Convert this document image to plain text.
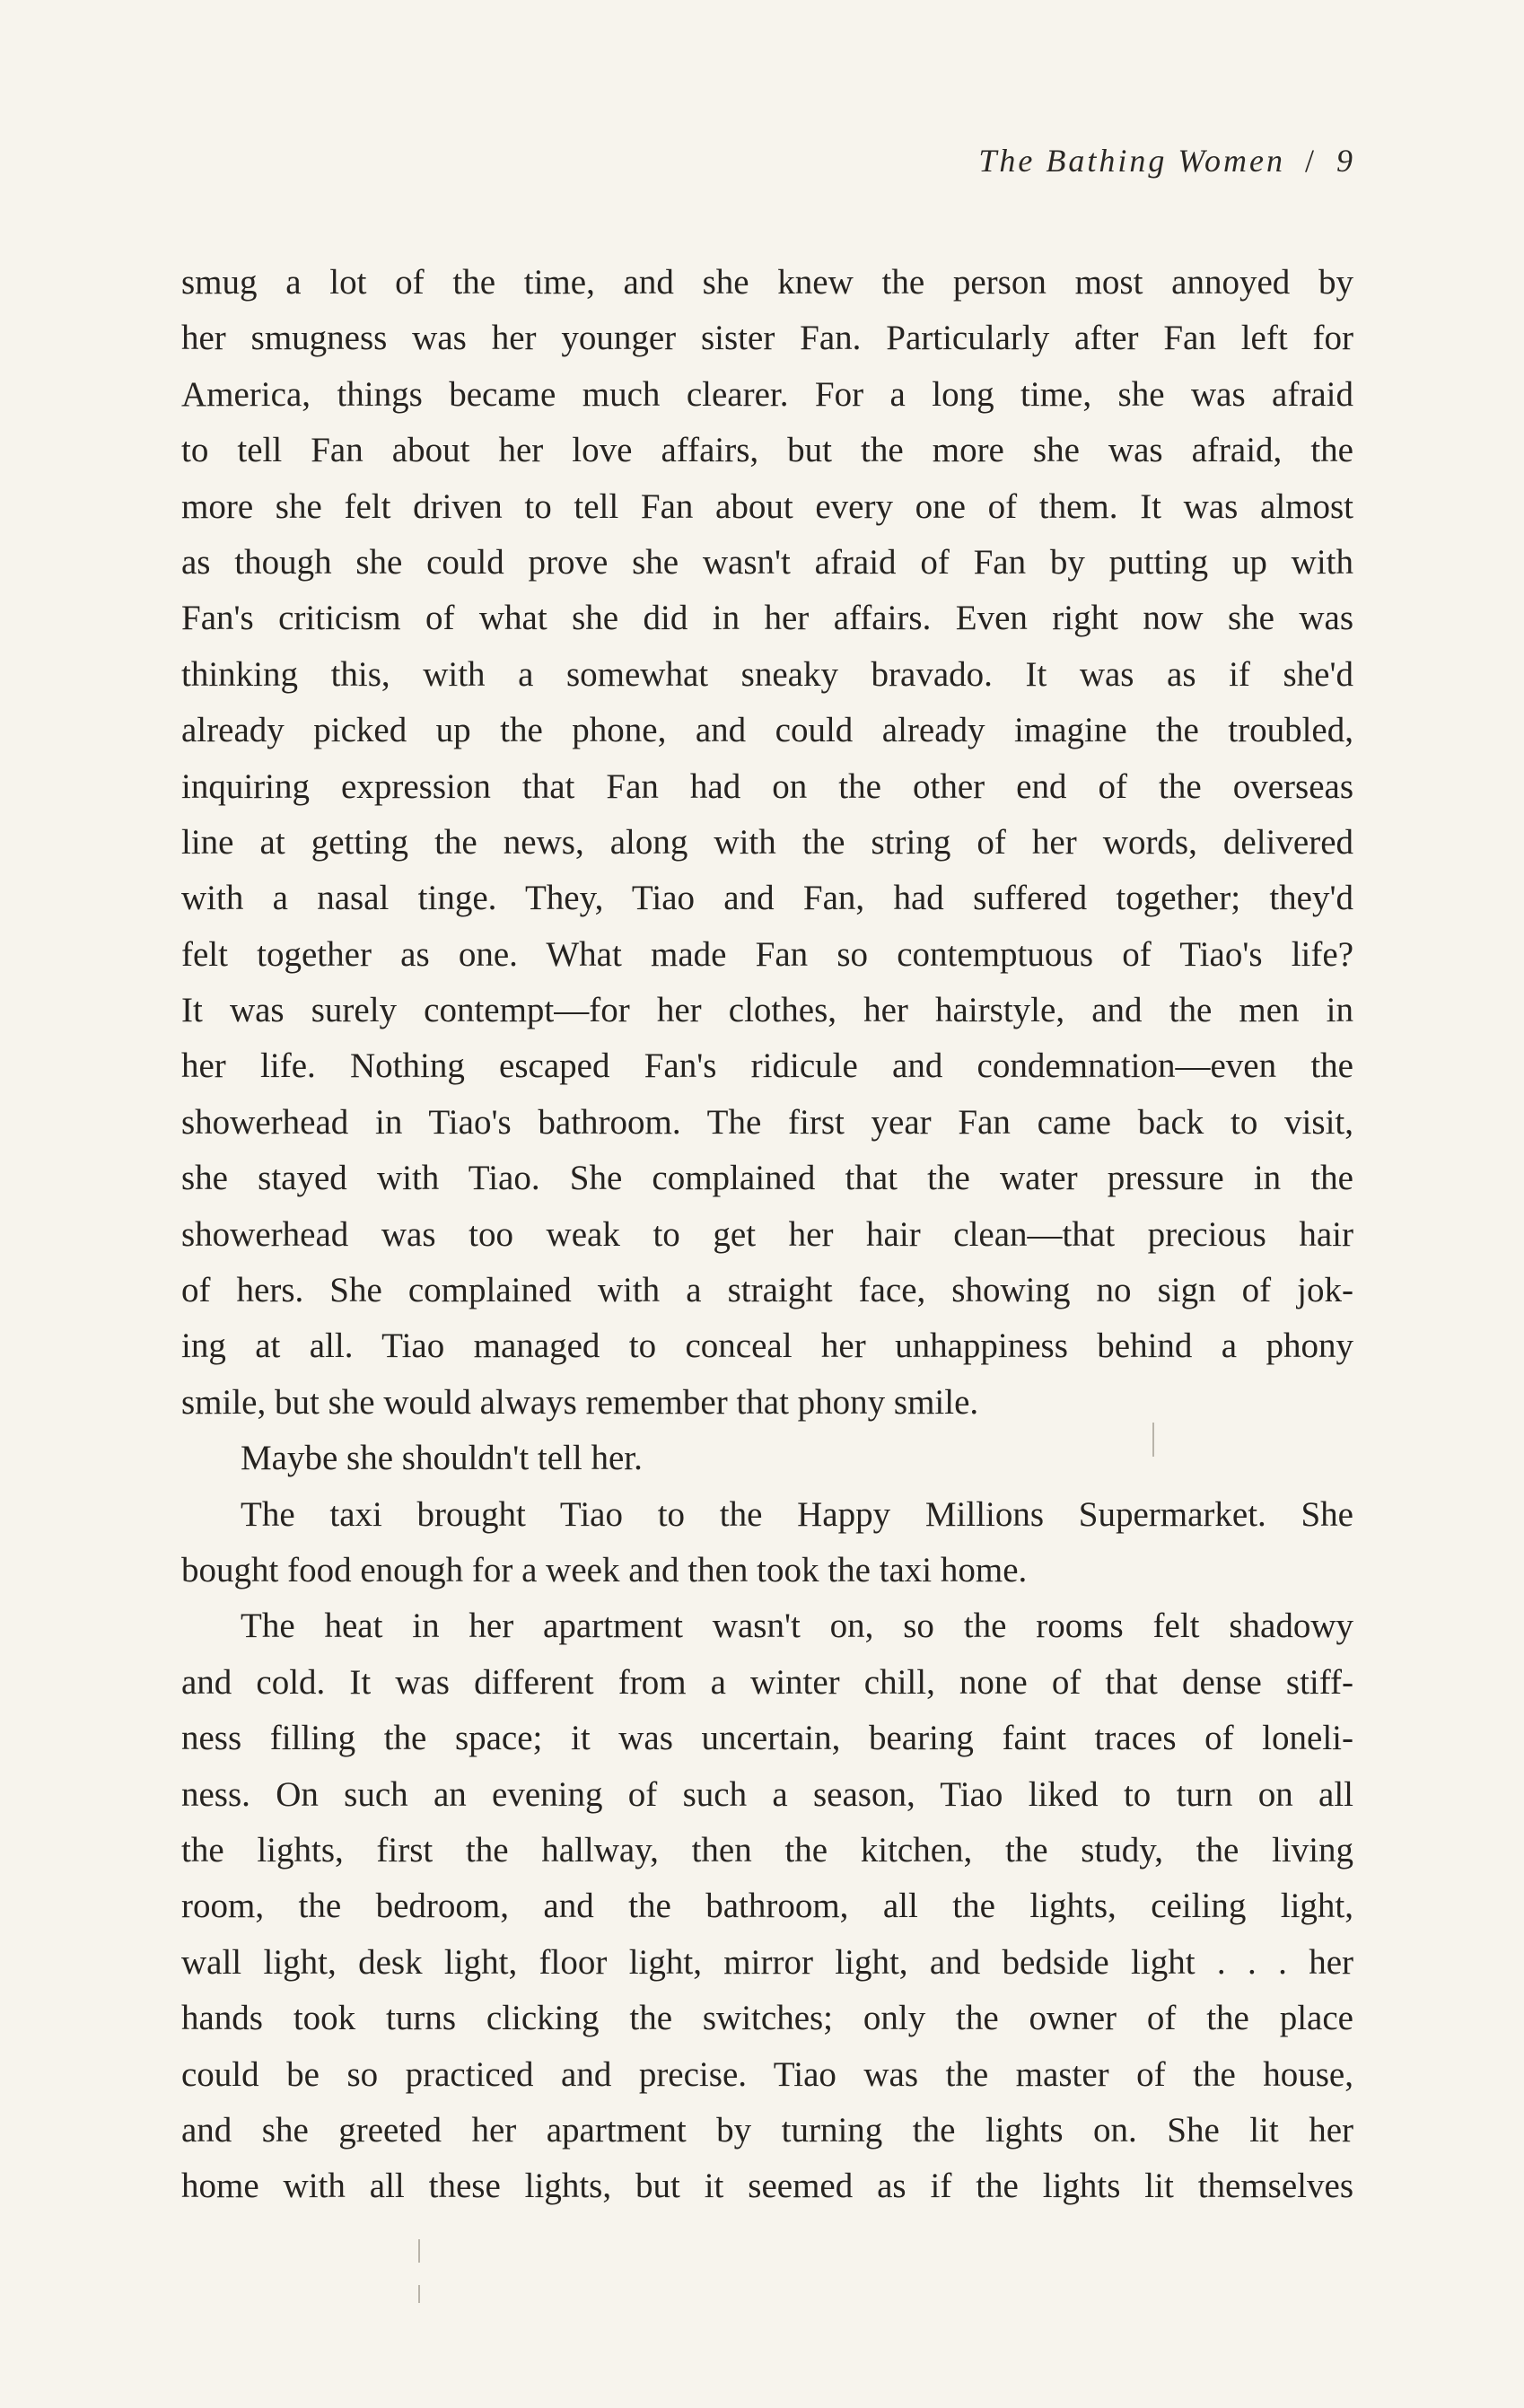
The Bathing Women / 9
smug a lot of the time, and she knew the person most annoyed by
her smugness was her younger sister Fan. Particularly after Fan left for
America, things became much clearer. For a long time, she was afraid
to tell Fan about her love affairs, but the more she was afraid, the
more she felt driven to tell Fan about every one of them. It was almost
as though she could prove she wasn't afraid of Fan by putting up with
Fan's criticism of what she did in her affairs. Even right now she was
thinking this, with a somewhat sneaky bravado. It was as if she'd
already picked up the phone, and could already imagine the troubled,
inquiring expression that Fan had on the other end of the overseas
line at getting the news, along with the string of her words, delivered
with a nasal tinge. They, Tiao and Fan, had suffered together; they'd
felt together as one. What made Fan so contemptuous of Tiao's life?
It was surely contempt—for her clothes, her hairstyle, and the men in
her life. Nothing escaped Fan's ridicule and condemnation—even the
showerhead in Tiao's bathroom. The first year Fan came back to visit,
she stayed with Tiao. She complained that the water pressure in the
showerhead was too weak to get her hair clean—that precious hair
of hers. She complained with a straight face, showing no sign of jok-
ing at all. Tiao managed to conceal her unhappiness behind a phony
smile, but she would always remember that phony smile.
Maybe she shouldn't tell her.
The taxi brought Tiao to the Happy Millions Supermarket. She
bought food enough for a week and then took the taxi home.
The heat in her apartment wasn't on, so the rooms felt shadowy
and cold. It was different from a winter chill, none of that dense stiff-
ness filling the space; it was uncertain, bearing faint traces of loneli-
ness. On such an evening of such a season, Tiao liked to turn on all
the lights, first the hallway, then the kitchen, the study, the living
room, the bedroom, and the bathroom, all the lights, ceiling light,
wall light, desk light, floor light, mirror light, and bedside light . . . her
hands took turns clicking the switches; only the owner of the place
could be so practiced and precise. Tiao was the master of the house,
and she greeted her apartment by turning the lights on. She lit her
home with all these lights, but it seemed as if the lights lit themselves
